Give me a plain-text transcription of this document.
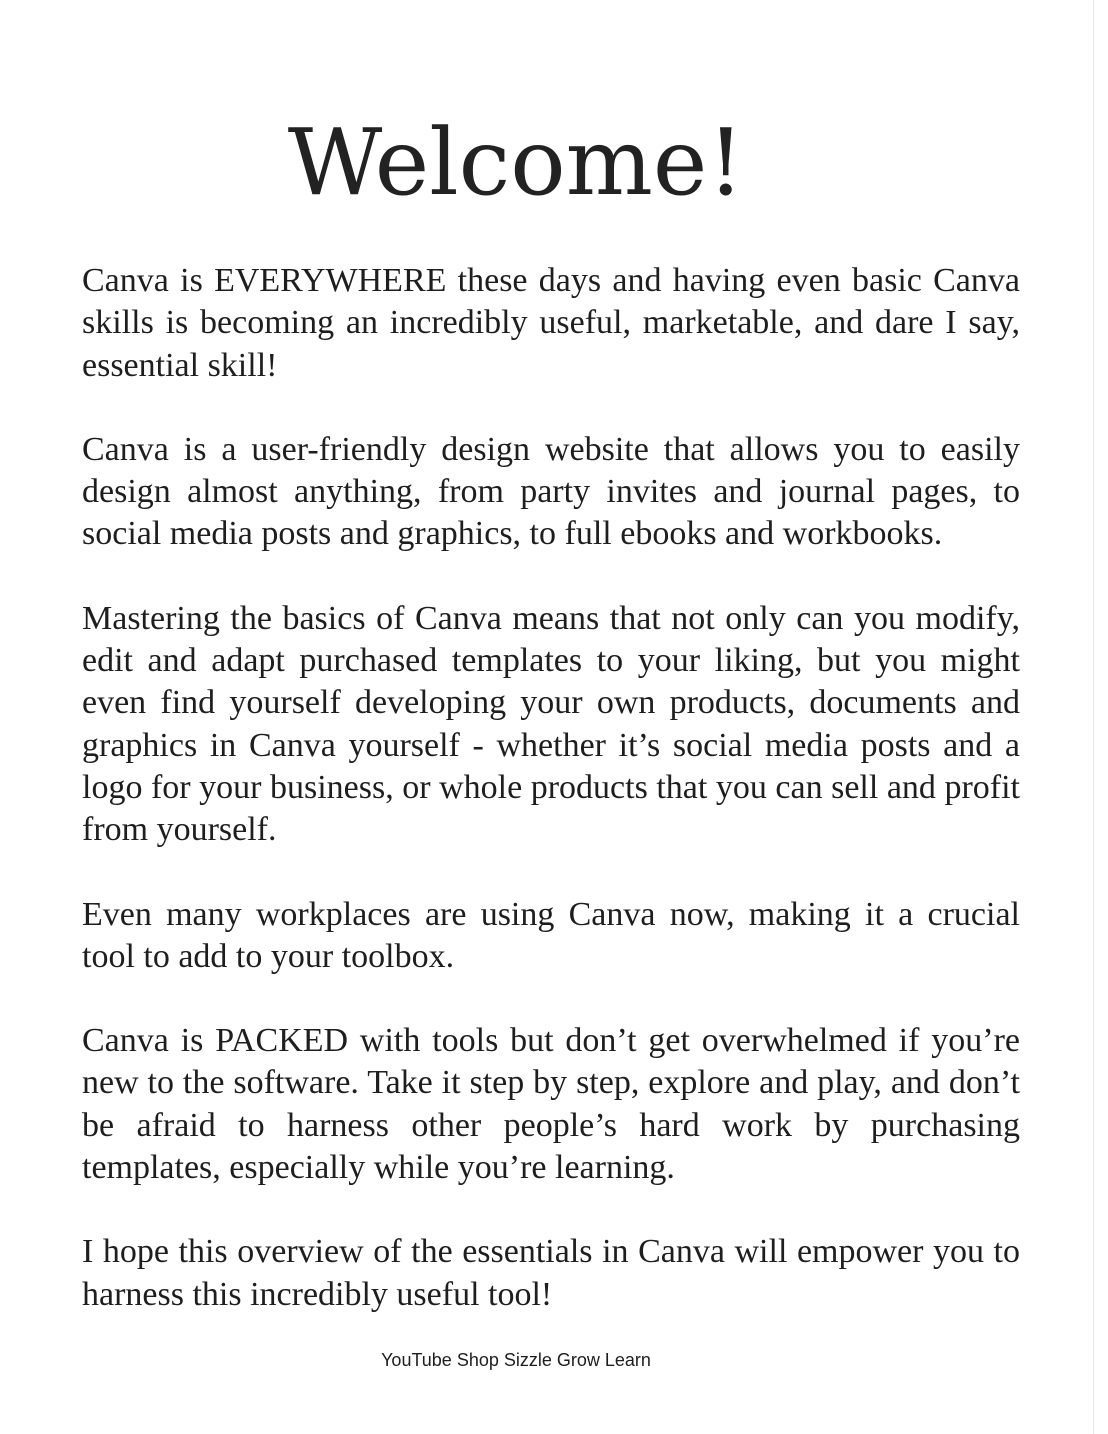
Welcome!

Canva is EVERYWHERE these days and having even basic Canva skills is becoming an incredibly useful, marketable, and dare I say, essential skill!

Canva is a user-friendly design website that allows you to easily design almost anything, from party invites and journal pages, to social media posts and graphics, to full ebooks and workbooks.

Mastering the basics of Canva means that not only can you modify, edit and adapt purchased templates to your liking, but you might even find yourself developing your own products, documents and graphics in Canva yourself - whether it’s social media posts and a logo for your business, or whole products that you can sell and profit from yourself.

Even many workplaces are using Canva now, making it a crucial tool to add to your toolbox.

Canva is PACKED with tools but don’t get overwhelmed if you’re new to the software. Take it step by step, explore and play, and don’t be afraid to harness other people’s hard work by purchasing templates, especially while you’re learning.

I hope this overview of the essentials in Canva will empower you to harness this incredibly useful tool!

YouTube Shop Sizzle Grow Learn
